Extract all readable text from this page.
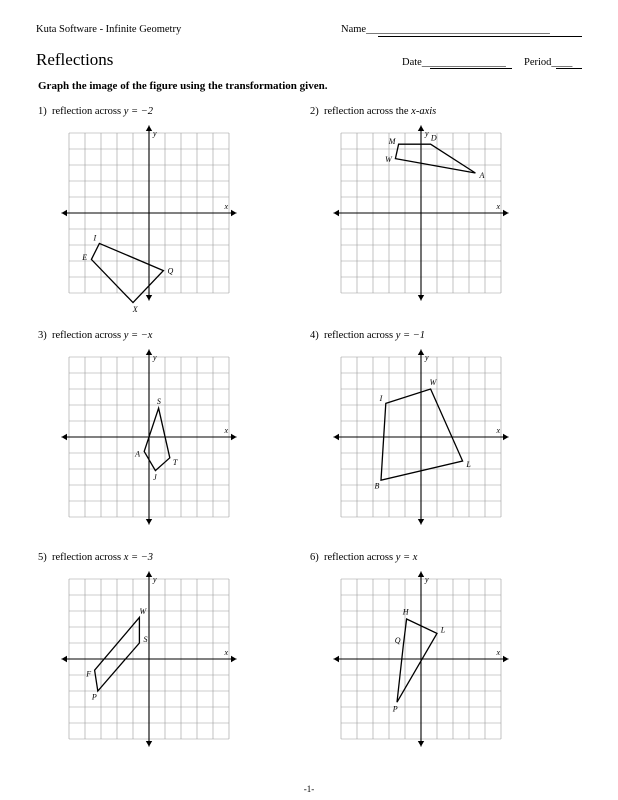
Kuta Software - Infinite Geometry	Name___________________________________
Reflections	Date________________ Period____
Graph the image of the figure using the transformation given.
1)  reflection across y = −2
x
y
I
E
X
Q
2)  reflection across the x-axis
x
y
M	D
A
W
3)  reflection across y = −x
x
y
S
T
J
A
4)  reflection across y = −1
x
y
W
L
B
I
5)  reflection across x = −3
x
y
W
S
P
F
6)  reflection across y = x
x
y
H
L
P
Q
-1-
